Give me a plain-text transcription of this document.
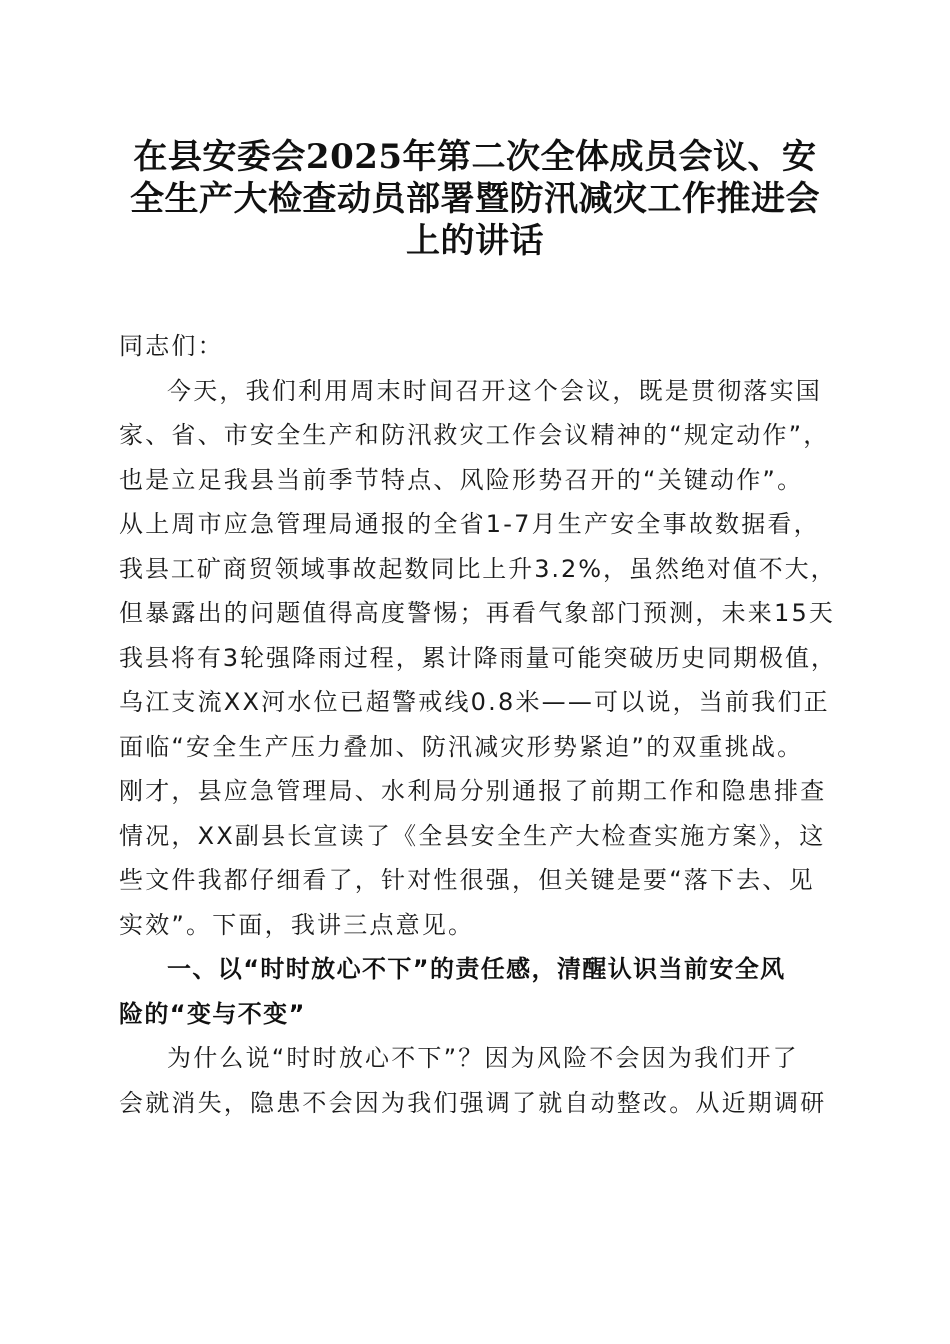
在县安委会2025年第二次全体成员会议、安
全生产大检查动员部署暨防汛减灾工作推进会
上的讲话
同志们：
今天，我们利用周末时间召开这个会议，既是贯彻落实国
家、省、市安全生产和防汛救灾工作会议精神的“规定动作”，
也是立足我县当前季节特点、风险形势召开的“关键动作”。
从上周市应急管理局通报的全省1-7月生产安全事故数据看，
我县工矿商贸领域事故起数同比上升3.2%，虽然绝对值不大，
但暴露出的问题值得高度警惕；再看气象部门预测，未来15天
我县将有3轮强降雨过程，累计降雨量可能突破历史同期极值，
乌江支流XX河水位已超警戒线0.8米——可以说，当前我们正
面临“安全生产压力叠加、防汛减灾形势紧迫”的双重挑战。
刚才，县应急管理局、水利局分别通报了前期工作和隐患排查
情况，XX副县长宣读了《全县安全生产大检查实施方案》，这
些文件我都仔细看了，针对性很强，但关键是要“落下去、见
实效”。下面，我讲三点意见。
一、以“时时放心不下”的责任感，清醒认识当前安全风
险的“变与不变”
为什么说“时时放心不下”？因为风险不会因为我们开了
会就消失，隐患不会因为我们强调了就自动整改。从近期调研
